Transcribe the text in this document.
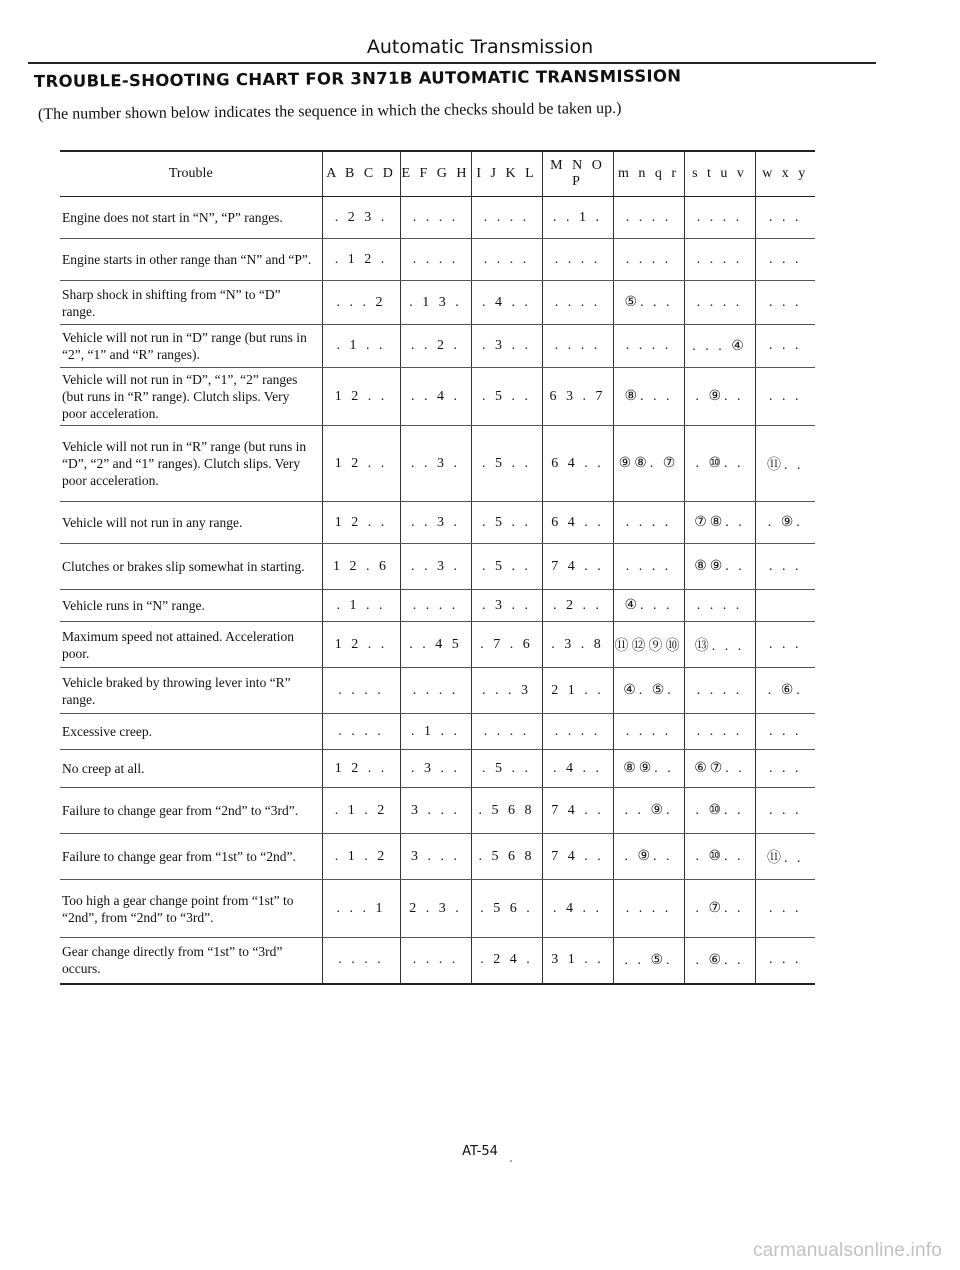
Automatic Transmission
TROUBLE-SHOOTING CHART FOR 3N71B AUTOMATIC TRANSMISSION
(The number shown below indicates the sequence in which the checks should be taken up.)
Trouble	A B C D	E F G H	I J K L	M N O P	m n q r	s t u v	w x y
Engine does not start in “N”, “P” ranges.	. 2 3 .	. . . .	. . . .	. . 1 .	. . . .	. . . .	. . .
Engine starts in other range than “N” and “P”.	. 1 2 .	. . . .	. . . .	. . . .	. . . .	. . . .	. . .
Sharp shock in shifting from “N” to “D” range.	. . . 2	. 1 3 .	. 4 . .	. . . .	⑤. . .	. . . .	. . .
Vehicle will not run in “D” range (but runs in “2”, “1” and “R” ranges).	. 1 . .	. . 2 .	. 3 . .	. . . .	. . . .	. . . ④	. . .
Vehicle will not run in “D”, “1”, “2” ranges (but runs in “R” range). Clutch slips. Very poor acceleration.	1 2 . .	. . 4 .	. 5 . .	6 3 . 7	⑧. . .	. ⑨. .	. . .
Vehicle will not run in “R” range (but runs in “D”, “2” and “1” ranges). Clutch slips. Very poor acceleration.	1 2 . .	. . 3 .	. 5 . .	6 4 . .	⑨⑧. ⑦	. ⑩. .	⑪. .
Vehicle will not run in any range.	1 2 . .	. . 3 .	. 5 . .	6 4 . .	. . . .	⑦⑧. .	. ⑨.
Clutches or brakes slip somewhat in starting.	1 2 . 6	. . 3 .	. 5 . .	7 4 . .	. . . .	⑧⑨. .	. . .
Vehicle runs in “N” range.	. 1 . .	. . . .	. 3 . .	. 2 . .	④. . .	. . . .	
Maximum speed not attained. Acceleration poor.	1 2 . .	. . 4 5	. 7 . 6	. 3 . 8	⑪⑫⑨⑩	⑬. . .	. . .
Vehicle braked by throwing lever into “R” range.	. . . .	. . . .	. . . 3	2 1 . .	④. ⑤.	. . . .	. ⑥.
Excessive creep.	. . . .	. 1 . .	. . . .	. . . .	. . . .	. . . .	. . .
No creep at all.	1 2 . .	. 3 . .	. 5 . .	. 4 . .	⑧⑨. .	⑥⑦. .	. . .
Failure to change gear from “2nd” to “3rd”.	. 1 . 2	3 . . .	. 5 6 8	7 4 . .	. . ⑨.	. ⑩. .	. . .
Failure to change gear from “1st” to “2nd”.	. 1 . 2	3 . . .	. 5 6 8	7 4 . .	. ⑨. .	. ⑩. .	⑪. .
Too high a gear change point from “1st” to “2nd”, from “2nd” to “3rd”.	. . . 1	2 . 3 .	. 5 6 .	. 4 . .	. . . .	. ⑦. .	. . .
Gear change directly from “1st” to “3rd” occurs.	. . . .	. . . .	. 2 4 .	3 1 . .	. . ⑤.	. ⑥. .	. . .
AT-54
carmanualsonline.info
